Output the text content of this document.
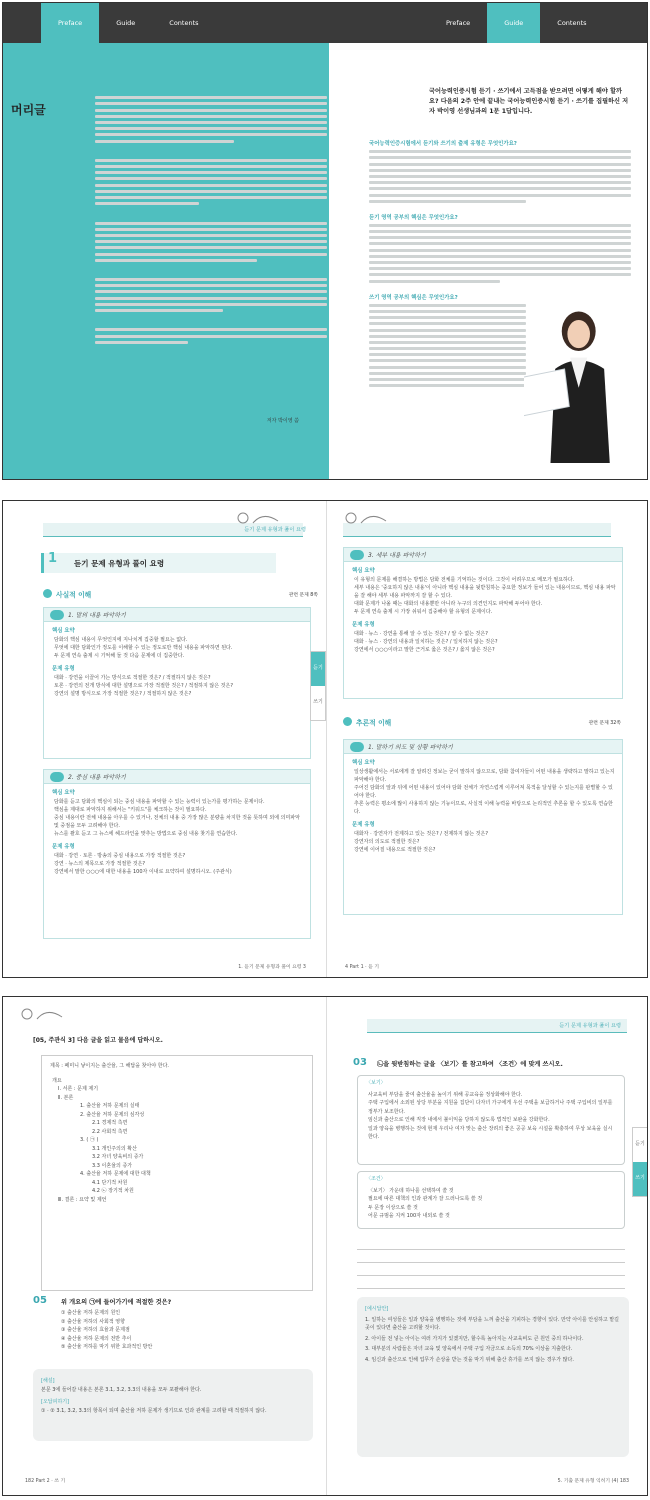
Preface	Guide	Contents
머리글
저자 박이영 씀
Preface	Guide	Contents
국어능력인증시험 듣기 · 쓰기에서 고득점을 받으려면 어떻게 해야 할까요? 다음의 2주 안에 끝내는 국어능력인증시험 듣기 · 쓰기를 집필하신 저자 박이영 선생님과의 1문 1답입니다.
국어능력인증시험에서 듣기와 쓰기의 출제 유형은 무엇인가요?
듣기 영역 공부의 핵심은 무엇인가요?
쓰기 영역 공부의 핵심은 무엇인가요?
듣기 문제 유형과 풀이 요령
1 듣기 문제 유형과 풀이 요령
사실적 이해	관련 문제 8쪽
1. 말의 내용 파악하기
핵심 요약
담화의 핵심 내용이 무엇인지에 지나치게 집중할 필요는 없다.
무엇에 대한 담화인가 정도를 이해할 수 있는 정도로만 핵심 내용을 파악하면 된다.
두 문제 연속 출제 시 기억해 둘 것 다음 문제에 더 집중한다.
문제 유형
대화 · 강연을 이끌어 가는 방식으로 적절한 것은? / 적절하지 않은 것은?
토론 · 강연의 전개 방식에 대한 설명으로 가장 적절한 것은? / 적절하지 않은 것은?
강연의 설명 방식으로 가장 적절한 것은? / 적절하지 않은 것은?
2. 중심 내용 파악하기
핵심 요약
담화를 듣고 담화의 핵심이 되는 중심 내용을 파악할 수 있는 능력이 있는가를 평가하는 문제이다.
핵심을 제대로 파악하지 위해서는 "키워드"를 체크하는 것이 필요하다.
중심 내용이란 전체 내용을 아우를 수 있거나, 전체의 내용 중 가장 많은 분량을 차지한 것을 뜻하며 외에 의미파악 및 중점을 모두 고려해야 한다.
뉴스를 괄호 듣고 그 뉴스에 헤드라인을 맞추는 방법으로 중심 내용 찾기를 연습한다.
문제 유형
대화 · 강연 · 토론 · 방송의 중심 내용으로 가장 적절한 것은?
강연 · 뉴스의 제목으로 가장 적절한 것은?
강연에서 말한 ○○○에 대한 내용을 100자 이내로 요약하여 설명하시오. (주관식)
듣기
쓰기
1. 듣기 문제 유형과 풀이 요령 3
3. 세부 내용 파악하기
핵심 요약
이 유형의 문제를 해결하는 방법은 담화 전체를 기억하는 것이다. 그것이 어려우므로 메모가 필요하다.
세부 내용은 '중요하지 않은 내용'이 아니라 핵심 내용을 뒷받침하는 중요한 정보가 들어 있는 내용이므로, 핵심 내용 파악을 잘 해야 세부 내용 파악까지 잘 할 수 있다.
대화 문제가 나올 때는 대화의 내용뿐만 아니라 누구의 의견인지도 파악해 두어야 한다.
두 문제 연속 출제 시 가장 쉬워서 집중해야 할 유형의 문제이다.
문제 유형
대화 · 뉴스 · 강연을 통해 알 수 있는 것은? / 알 수 없는 것은?
대화 · 뉴스 · 강연의 내용과 일치하는 것은? / 일치하지 않는 것은?
강연에서 ○○○이라고 말한 근거로 옳은 것은? / 옳지 않은 것은?
추론적 이해	관련 문제 32쪽
1. 말하기 의도 및 상황 파악하기
핵심 요약
일상생활에서는 서로에게 잘 알려진 정보는 굳이 말하지 않으므로, 담화 참여자들이 어떤 내용을 생략하고 말하고 있는지 파악해야 한다.
주어진 담화의 앞과 뒤에 어떤 내용이 있어야 담화 전체가 자연스럽게 이루어져 목적을 달성할 수 있는지를 판별할 수 있어야 한다.
추론 능력은 평소에 많이 사용하지 않는 기능이므로, 사실적 이해 능력을 바탕으로 논리적인 추론을 할 수 있도록 연습한다.
문제 유형
대화자 · 강연자가 전제하고 있는 것은? / 전제하지 않는 것은?
강연자의 의도로 적절한 것은?
강연에 이어질 내용으로 적절한 것은?
4 Part 1 · 듣 기
[05, 주관식 3] 다음 글을 읽고 물음에 답하시오.
제목 : 페미니 낳이지는 출산율, 그 해답을 찾아야 한다.
개요
Ⅰ. 서론 : 문제 제기
Ⅱ. 본론
1. 출산율 저하 문제의 실태
2. 출산율 저하 문제의 심각성
2.1 경제적 측면
2.2 사회적 측면
3. ( ㉠ )
3.1 개인주의의 확산
3.2 자녀 양육비의 증가
3.3 이혼율의 증가
4. 출산율 저하 문제에 대한 대책
4.1 단기적 차원
4.2 ㉡ 장기적 차원
Ⅲ. 결론 : 요약 및 제언
05 위 개요의 ㉠에 들어가기에 적절한 것은?
① 출산율 저하 문제의 원인
② 출산율 저하의 사회적 영향
③ 출산율 저하의 효율과 문제점
④ 출산율 저하 문제의 전반 추이
⑤ 출산율 저하를 막기 위한 효과적인 방안
[해설]
본문 3에 들어갈 내용은 본론 3.1, 3.2, 3.3의 내용을 모두 포괄해야 한다.
[오답피하기]
① · ② 3.1, 3.2, 3.3의 항목이 되며 출산율 저하 문제가 생기므로 인과 관계를 고려할 때 적절하지 않다.
182 Part 2 · 쓰 기
듣기 문제 유형과 풀이 요령
03 ㉡을 뒷받침하는 글을 〈보기〉를 참고하여 〈조건〉에 맞게 쓰시오.
〈보기〉
사교육비 부담을 줄여 출산율을 높이기 위해 공교육을 정상화해야 한다.
주택 구입에서 소외된 상당 부분을 지원을 집단이 다자녀 가구에게 우선 주택을 보급하거나 주택 구입비의 일부를 정부가 보조한다.
임신과 출산으로 인해 직장 내에서 불이익을 당하지 않도록 법적인 보완을 강화한다.
일과 양육을 병행하는 것에 현재 우리나 여자 맞는 출산 장려의 좋은 공공 보육 시설을 확충하여 무상 보육을 실시한다.
〈조건〉
〈보기〉 가운데 하나를 선택하여 쓸 것
필요에 따른 대책의 인과 관계가 잘 드러나도록 쓸 것
두 문장 이상으로 쓸 것
어문 규범을 지켜 100자 내외로 쓸 것
[예시답안]
1. 일하는 여성들은 일과 양육을 병행하는 것에 부담을 느껴 출산을 기피하는 경향이 있다. 만약 아이를 안심하고 맡길 곳이 있다면 출산을 고려할 것이다.
2. 아이들 전 넣는 아이는 여러 가지가 있겠지만, 할수록 높아지는 사교육비도 큰 원인 중의 하나이다.
3. 대부분의 사람들은 자녀 교육 및 양육에서 주택 구입 자금으로 소득의 70% 이상을 지출한다.
4. 임신과 출산으로 인해 업무가 손상을 받는 것을 막기 위해 출산 휴가를 쓰지 않는 경우가 많다.
듣기
쓰기
5. 기출 문제 유형 익히기 (4) 183
